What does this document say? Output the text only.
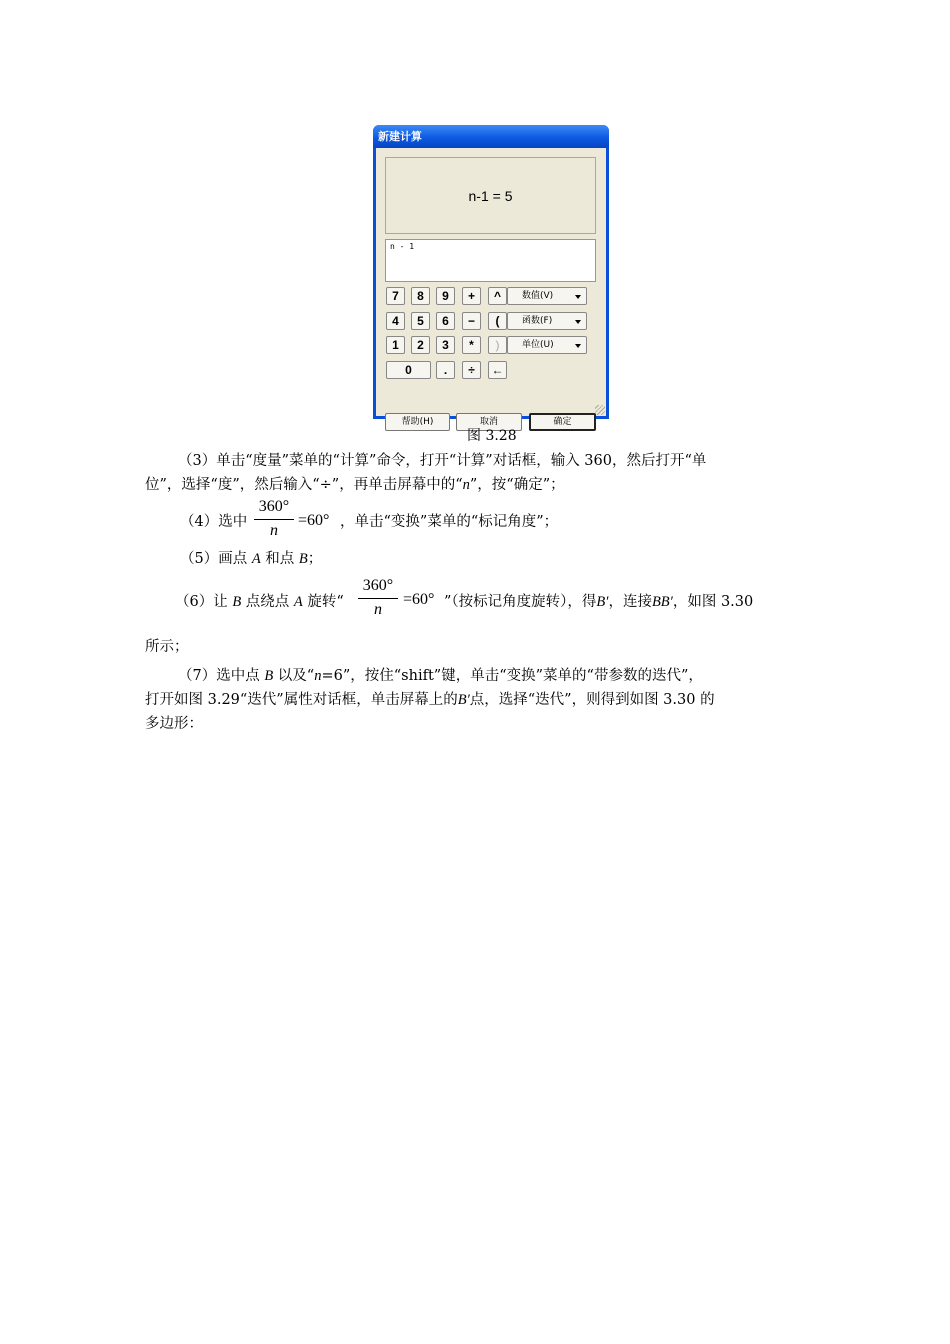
新建计算
n-1 = 5
n - 1
7	8	9	+	^	数值(V)
4	5	6	−	(	函数(F)
1	2	3	*	)	单位(U)
0	.	÷	←
帮助(H)	取消	确定
图 3.28
（3）单击“度量”菜单的“计算”命令，打开“计算”对话框，输入 360，然后打开“单
位”，选择“度”，然后输入“÷”，再单击屏幕中的“n”，按“确定”；
（4）选中
360°
n
=60° ，单击“变换”菜单的“标记角度”；
（5）画点 A 和点 B；
（6）让 B 点绕点 A 旋转“
360°
n
=60° ”（按标记角度旋转），得B′，连接BB′，如图 3.30
所示；
（7）选中点 B 以及“n=6”，按住“shift”键，单击“变换”菜单的“带参数的迭代”，
打开如图 3.29“迭代”属性对话框，单击屏幕上的B′点，选择“迭代”，则得到如图 3.30 的
多边形：
